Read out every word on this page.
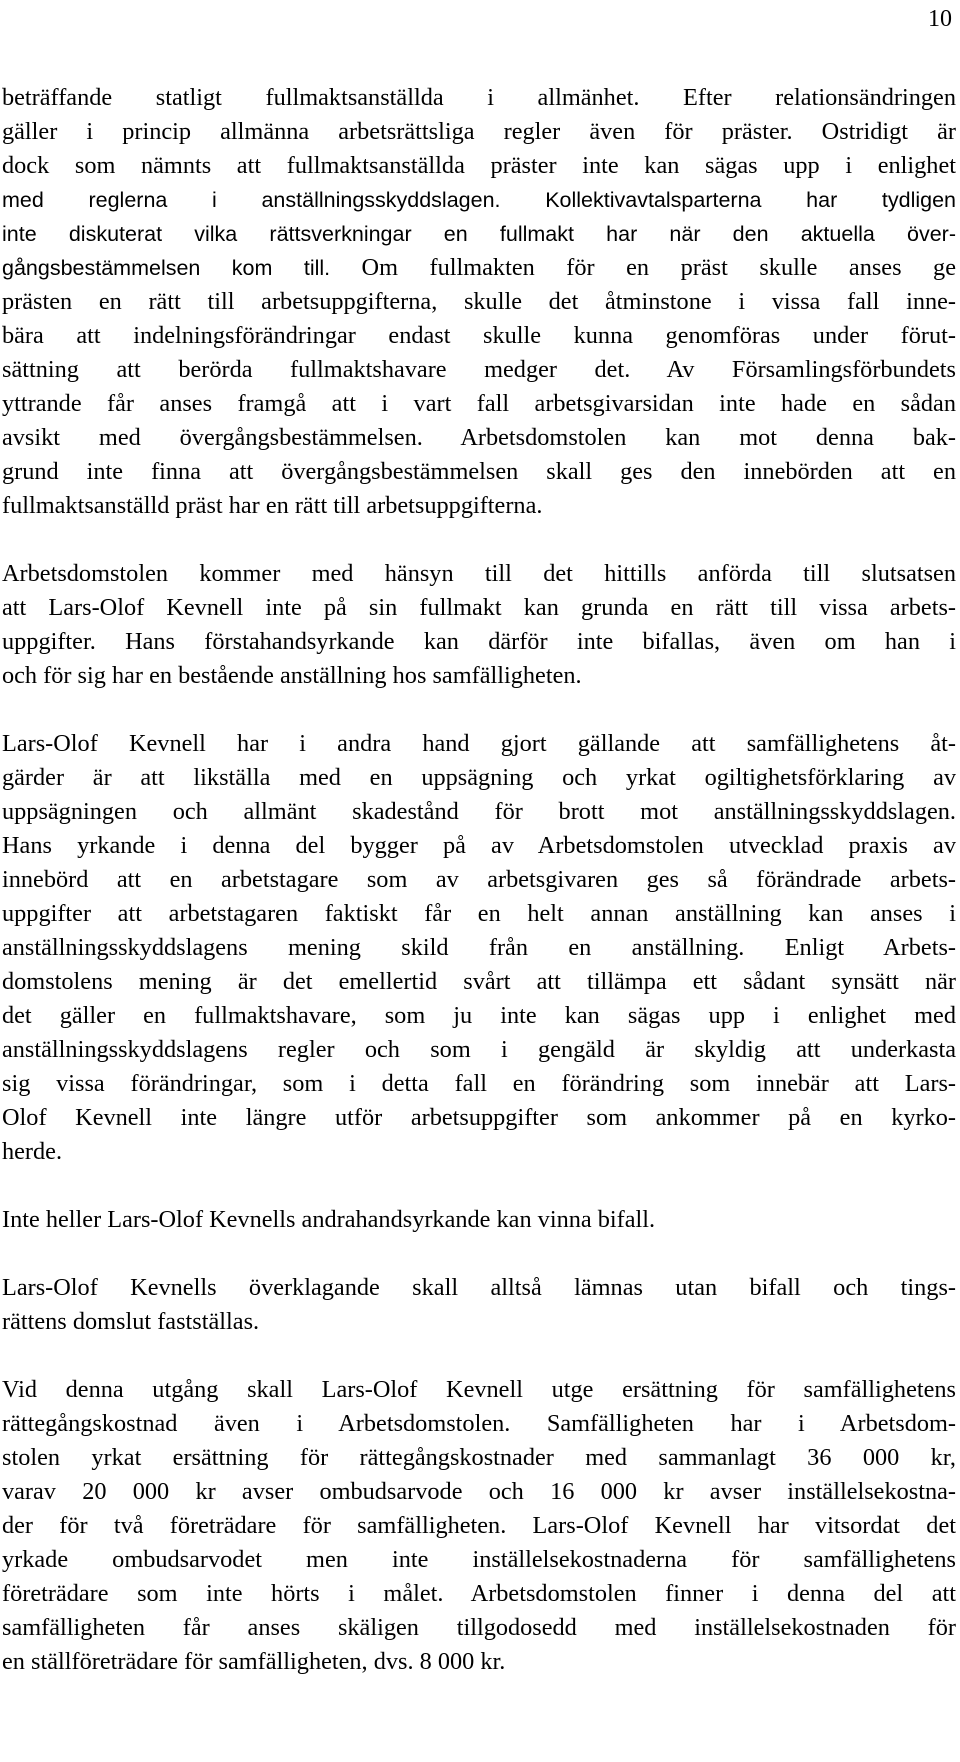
10

beträffande statligt fullmaktsanställda i allmänhet. Efter relationsändringen
gäller i princip allmänna arbetsrättsliga regler även för präster. Ostridigt är
dock som nämnts att fullmaktsanställda präster inte kan sägas upp i enlighet
med reglerna i anställningsskyddslagen. Kollektivavtalsparterna har tydligen
inte diskuterat vilka rättsverkningar en fullmakt har när den aktuella över-
gångsbestämmelsen kom till. Om fullmakten för en präst skulle anses ge
prästen en rätt till arbetsuppgifterna, skulle det åtminstone i vissa fall inne-
bära att indelningsförändringar endast skulle kunna genomföras under förut-
sättning att berörda fullmaktshavare medger det. Av Församlingsförbundets
yttrande får anses framgå att i vart fall arbetsgivarsidan inte hade en sådan
avsikt med övergångsbestämmelsen. Arbetsdomstolen kan mot denna bak-
grund inte finna att övergångsbestämmelsen skall ges den innebörden att en
fullmaktsanställd präst har en rätt till arbetsuppgifterna.

Arbetsdomstolen kommer med hänsyn till det hittills anförda till slutsatsen
att Lars-Olof Kevnell inte på sin fullmakt kan grunda en rätt till vissa arbets-
uppgifter. Hans förstahandsyrkande kan därför inte bifallas, även om han i
och för sig har en bestående anställning hos samfälligheten.

Lars-Olof Kevnell har i andra hand gjort gällande att samfällighetens åt-
gärder är att likställa med en uppsägning och yrkat ogiltighetsförklaring av
uppsägningen och allmänt skadestånd för brott mot anställningsskyddslagen.
Hans yrkande i denna del bygger på av Arbetsdomstolen utvecklad praxis av
innebörd att en arbetstagare som av arbetsgivaren ges så förändrade arbets-
uppgifter att arbetstagaren faktiskt får en helt annan anställning kan anses i
anställningsskyddslagens mening skild från en anställning. Enligt Arbets-
domstolens mening är det emellertid svårt att tillämpa ett sådant synsätt när
det gäller en fullmaktshavare, som ju inte kan sägas upp i enlighet med
anställningsskyddslagens regler och som i gengäld är skyldig att underkasta
sig vissa förändringar, som i detta fall en förändring som innebär att Lars-
Olof Kevnell inte längre utför arbetsuppgifter som ankommer på en kyrko-
herde.

Inte heller Lars-Olof Kevnells andrahandsyrkande kan vinna bifall.

Lars-Olof Kevnells överklagande skall alltså lämnas utan bifall och tings-
rättens domslut fastställas.

Vid denna utgång skall Lars-Olof Kevnell utge ersättning för samfällighetens
rättegångskostnad även i Arbetsdomstolen. Samfälligheten har i Arbetsdom-
stolen yrkat ersättning för rättegångskostnader med sammanlagt 36 000 kr,
varav 20 000 kr avser ombudsarvode och 16 000 kr avser inställelsekostna-
der för två företrädare för samfälligheten. Lars-Olof Kevnell har vitsordat det
yrkade ombudsarvodet men inte inställelsekostnaderna för samfällighetens
företrädare som inte hörts i målet. Arbetsdomstolen finner i denna del att
samfälligheten får anses skäligen tillgodosedd med inställelsekostnaden för
en ställföreträdare för samfälligheten, dvs. 8 000 kr.
